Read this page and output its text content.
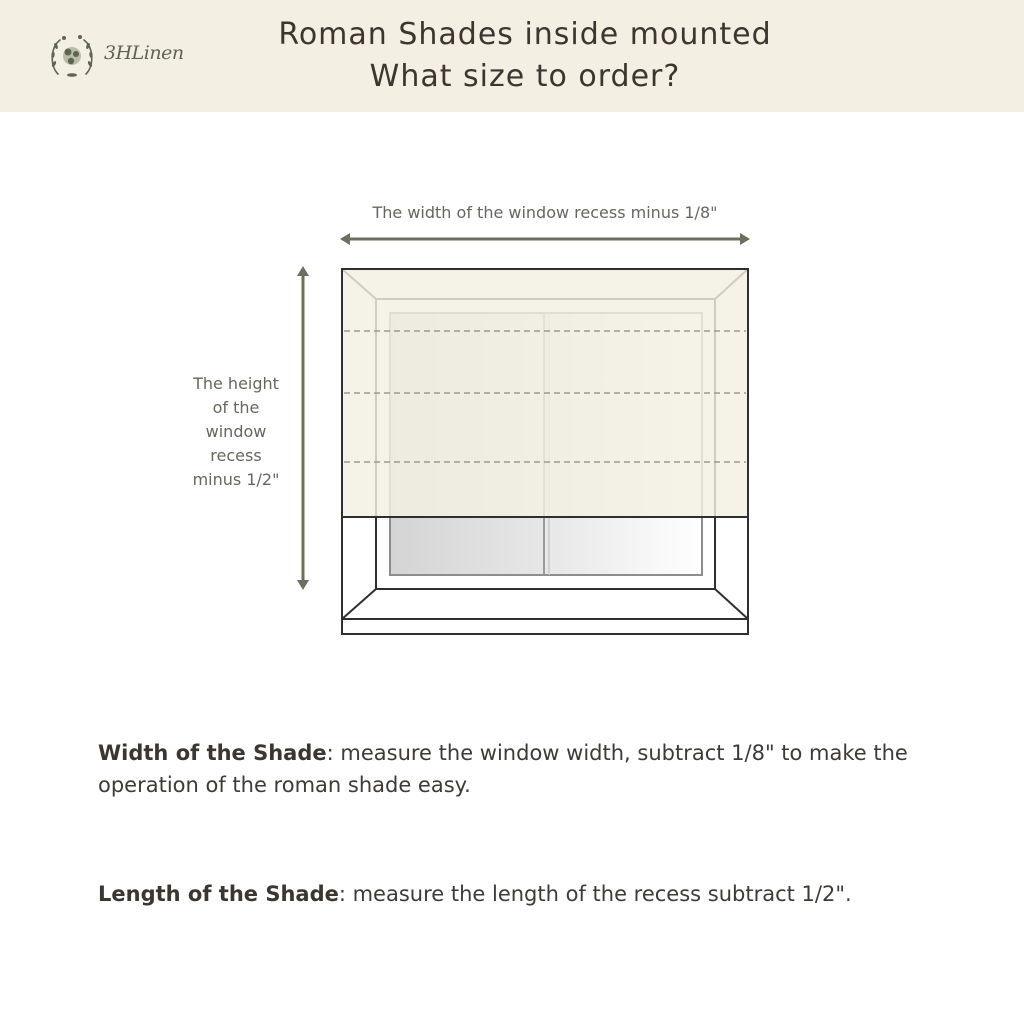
3HLinen
Roman Shades inside mounted
What size to order?
The width of the window recess minus 1/8"
The height
of the
window
recess
minus 1/2"
Width of the Shade: measure the window width, subtract 1/8" to make the operation of the roman shade easy.
Length of the Shade: measure the length of the recess subtract 1/2".
